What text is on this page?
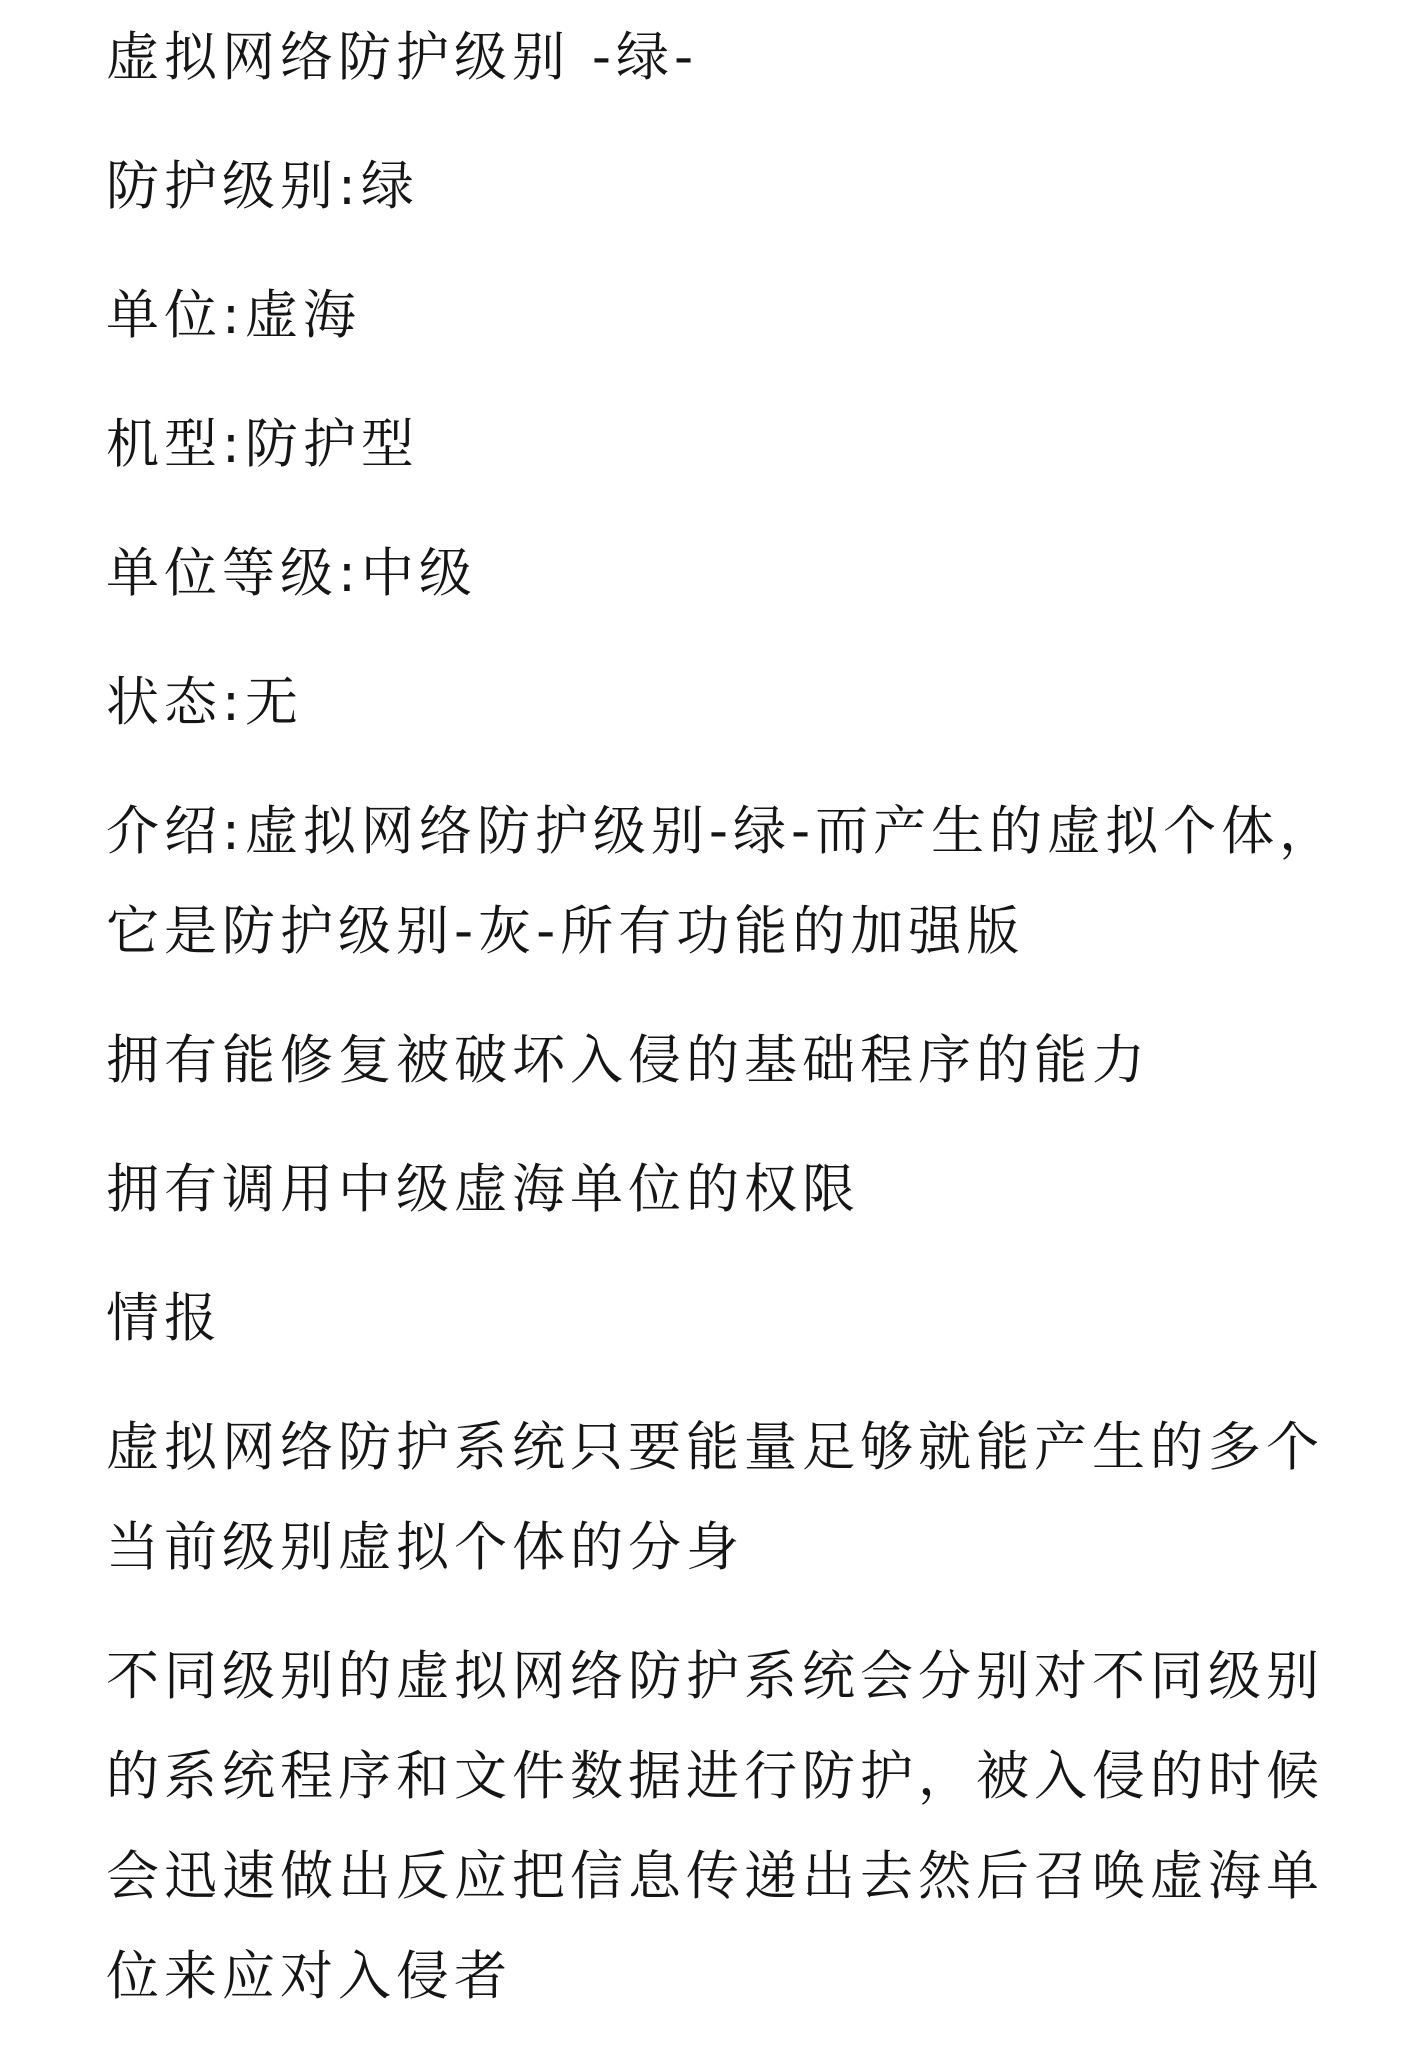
虚拟网络防护级别 -绿-
防护级别:绿
单位:虚海
机型:防护型
单位等级:中级
状态:无
介绍:虚拟网络防护级别-绿-而产生的虚拟个体，
它是防护级别-灰-所有功能的加强版
拥有能修复被破坏入侵的基础程序的能力
拥有调用中级虚海单位的权限
情报
虚拟网络防护系统只要能量足够就能产生的多个
当前级别虚拟个体的分身
不同级别的虚拟网络防护系统会分别对不同级别
的系统程序和文件数据进行防护，被入侵的时候
会迅速做出反应把信息传递出去然后召唤虚海单
位来应对入侵者
